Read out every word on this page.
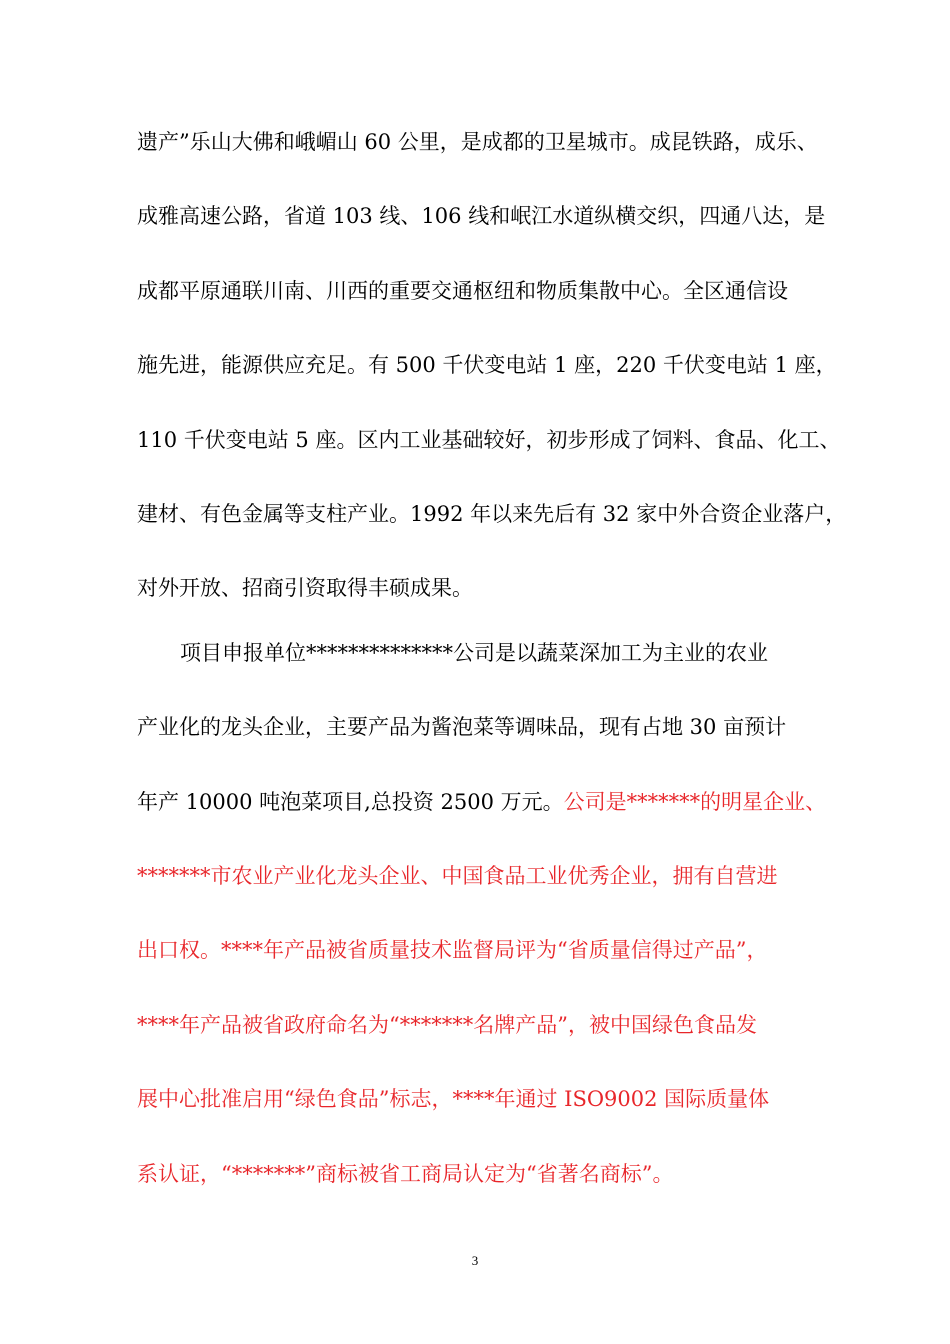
遗产”乐山大佛和峨嵋山 60 公里，是成都的卫星城市。成昆铁路，成乐、
成雅高速公路，省道 103 线、106 线和岷江水道纵横交织，四通八达，是
成都平原通联川南、川西的重要交通枢纽和物质集散中心。全区通信设
施先进，能源供应充足。有 500 千伏变电站 1 座，220 千伏变电站 1 座，
110 千伏变电站 5 座。区内工业基础较好，初步形成了饲料、食品、化工、
建材、有色金属等支柱产业。1992 年以来先后有 32 家中外合资企业落户，
对外开放、招商引资取得丰硕成果。
项目申报单位**************公司是以蔬菜深加工为主业的农业
产业化的龙头企业，主要产品为酱泡菜等调味品，现有占地 30 亩预计
年产 10000 吨泡菜项目,总投资 2500 万元。公司是*******的明星企业、
*******市农业产业化龙头企业、中国食品工业优秀企业，拥有自营进
出口权。****年产品被省质量技术监督局评为“省质量信得过产品”，
****年产品被省政府命名为“*******名牌产品”，被中国绿色食品发
展中心批准启用“绿色食品”标志，****年通过 ISO9002 国际质量体
系认证，“*******”商标被省工商局认定为“省著名商标”。
3
